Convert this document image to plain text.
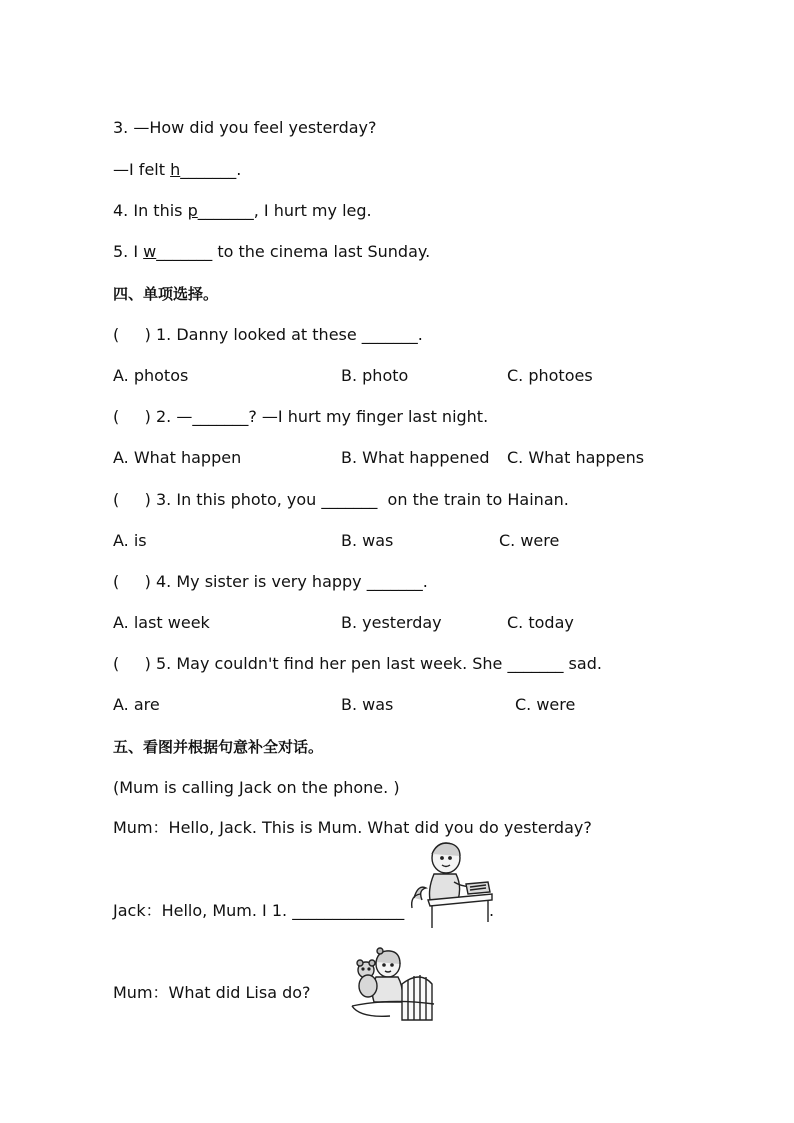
3. —How did you feel yesterday?
—I felt h_______.
4. In this p_______, I hurt my leg.
5. I w_______ to the cinema last Sunday.
四、单项选择。
(     ) 1. Danny looked at these _______.
A. photos	B. photo	C. photoes
(     ) 2. —_______? —I hurt my finger last night.
A. What happen	B. What happened C. What happens
(     ) 3. In this photo, you _______  on the train to Hainan.
A. is	B. was	C. were
(     ) 4. My sister is very happy _______.
A. last week	B. yesterday	C. today
(     ) 5. May couldn't find her pen last week. She _______ sad.
A. are	B. was	C. were
五、看图并根据句意补全对话。
(Mum is calling Jack on the phone. )
Mum：Hello, Jack. This is Mum. What did you do yesterday?
Jack：Hello, Mum. I 1. ______________	.
Mum：What did Lisa do?
